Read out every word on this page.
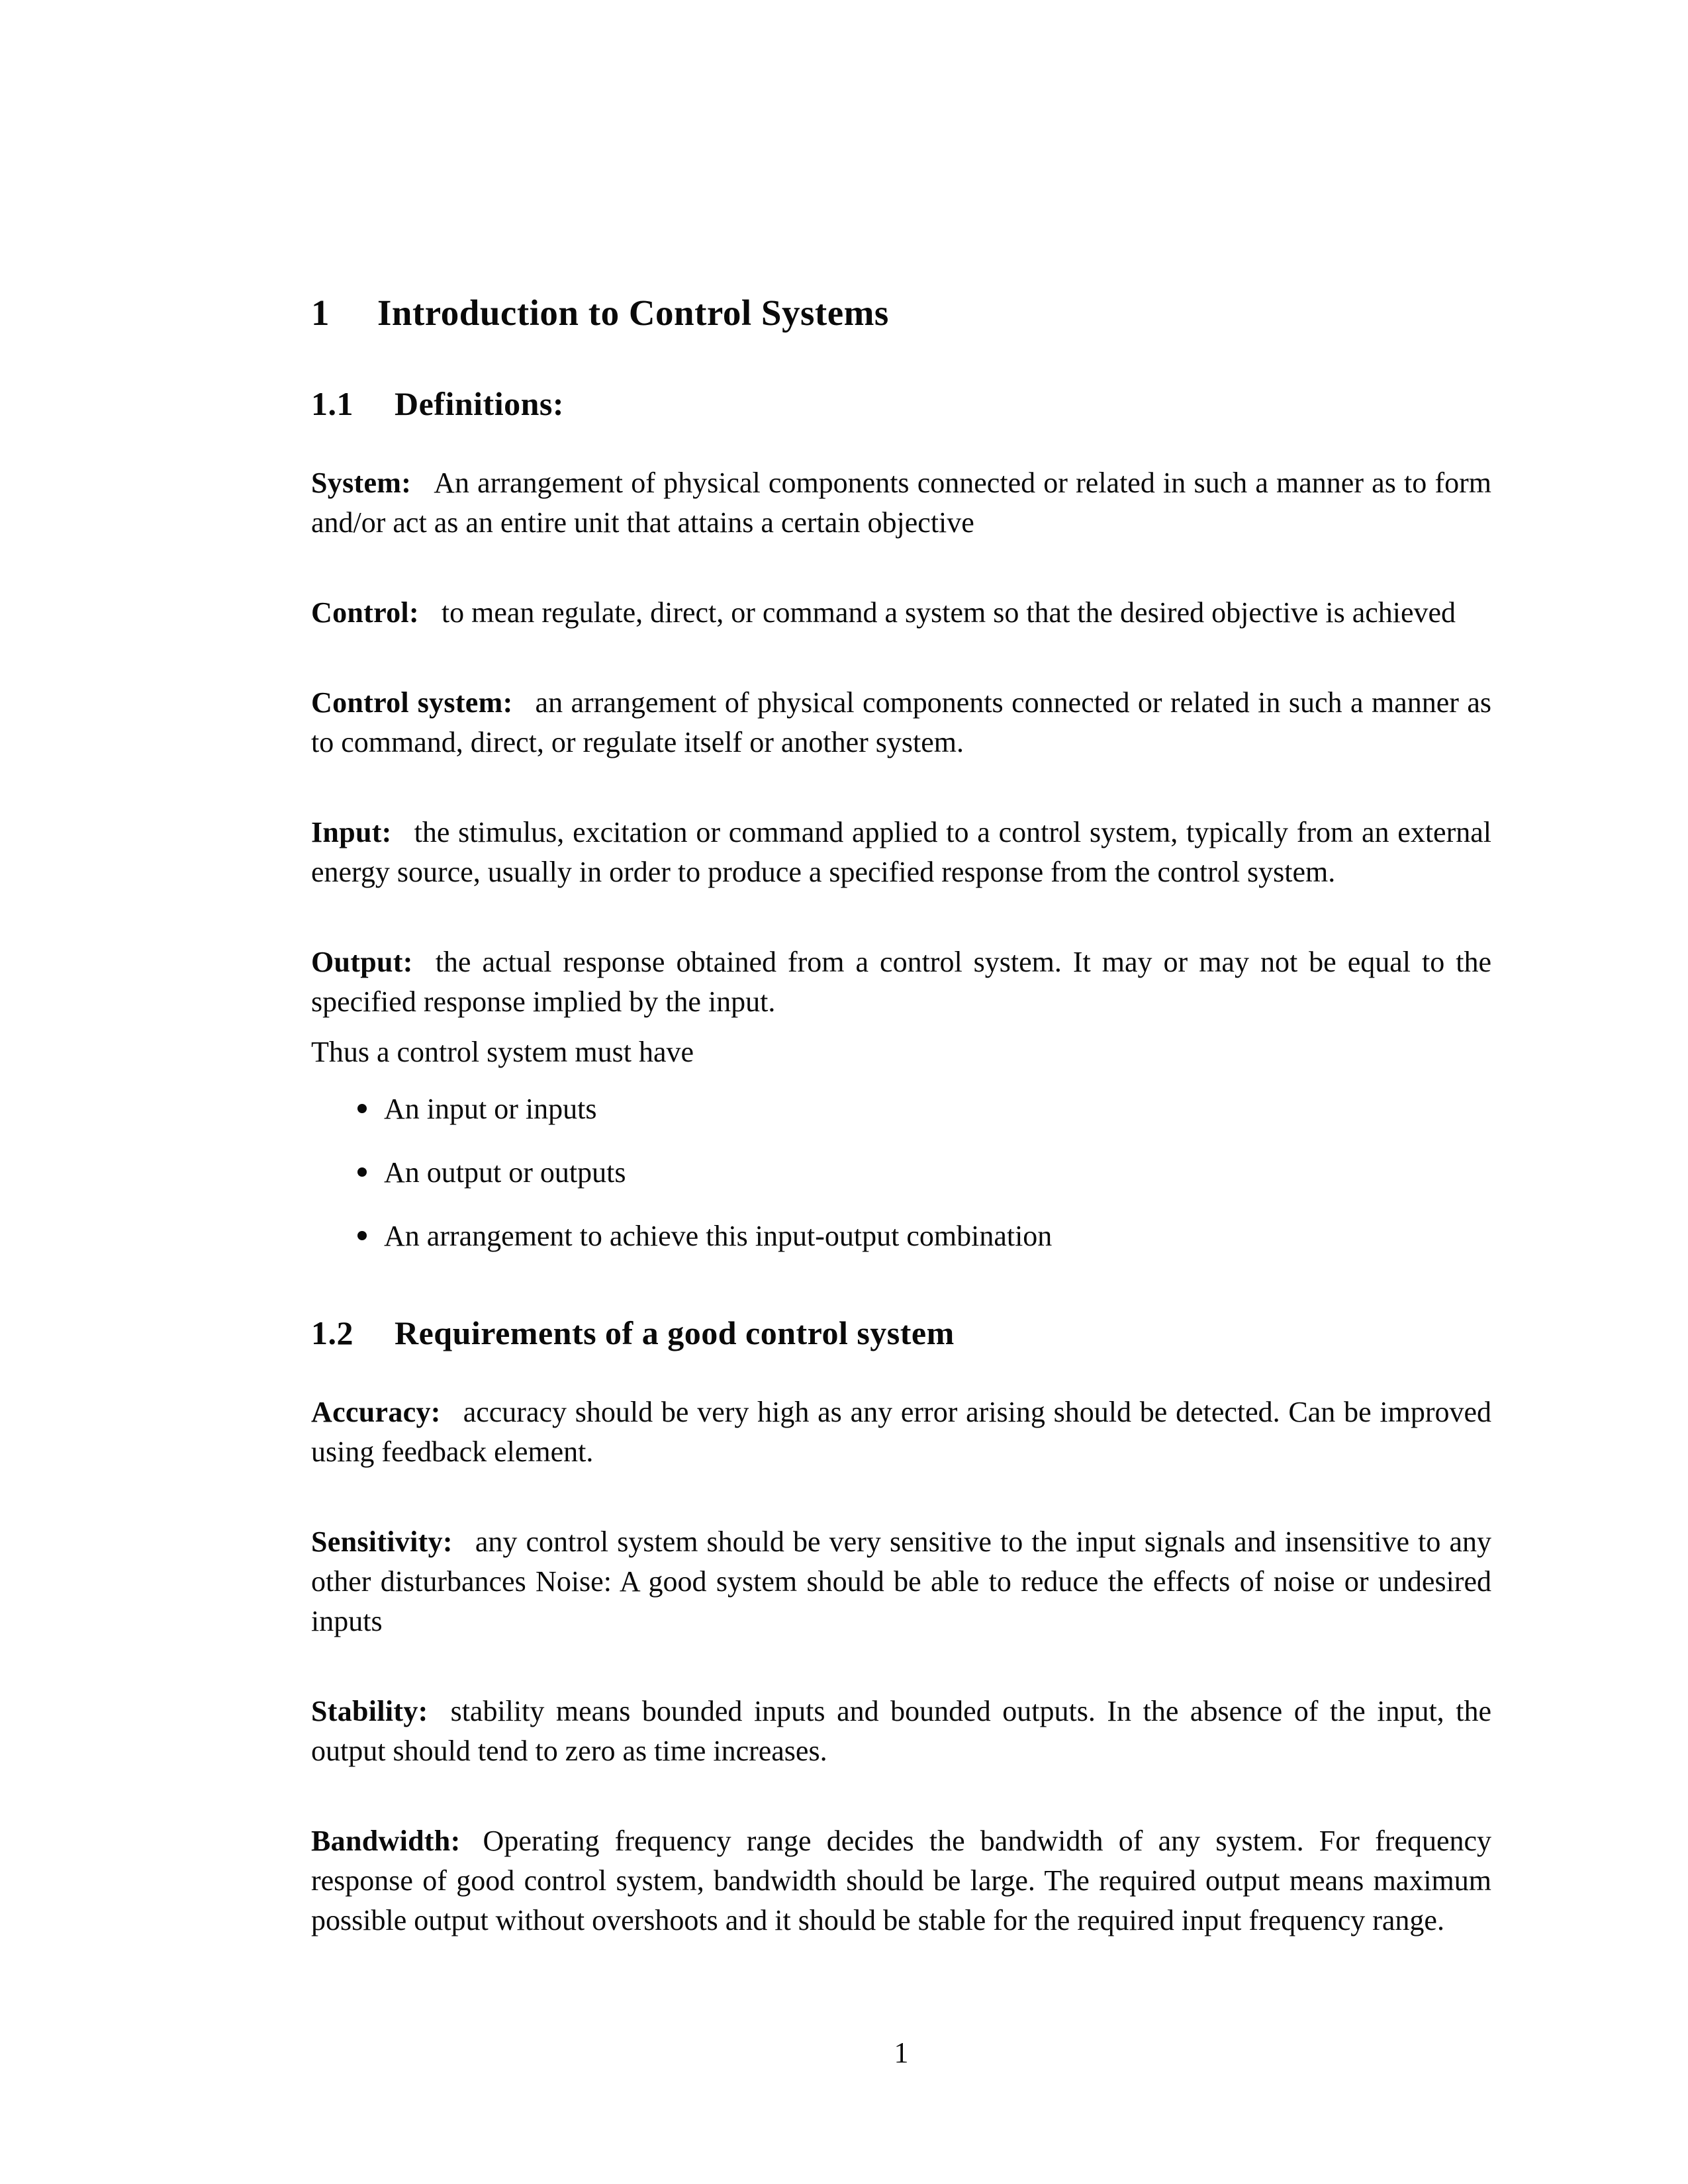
1 Introduction to Control Systems
1.1 Definitions:

System: An arrangement of physical components connected or related in such a manner as to form and/or act as an entire unit that attains a certain objective

Control: to mean regulate, direct, or command a system so that the desired objective is achieved

Control system: an arrangement of physical components connected or related in such a manner as to command, direct, or regulate itself or another system.

Input: the stimulus, excitation or command applied to a control system, typically from an external energy source, usually in order to produce a specified response from the control system.

Output: the actual response obtained from a control system. It may or may not be equal to the specified response implied by the input.

Thus a control system must have

An input or inputs
An output or outputs
An arrangement to achieve this input-output combination
1.2 Requirements of a good control system

Accuracy: accuracy should be very high as any error arising should be detected. Can be improved using feedback element.

Sensitivity: any control system should be very sensitive to the input signals and insensitive to any other disturbances Noise: A good system should be able to reduce the effects of noise or undesired inputs

Stability: stability means bounded inputs and bounded outputs. In the absence of the input, the output should tend to zero as time increases.

Bandwidth: Operating frequency range decides the bandwidth of any system. For frequency response of good control system, bandwidth should be large. The required output means maximum possible output without overshoots and it should be stable for the required input frequency range.

1
